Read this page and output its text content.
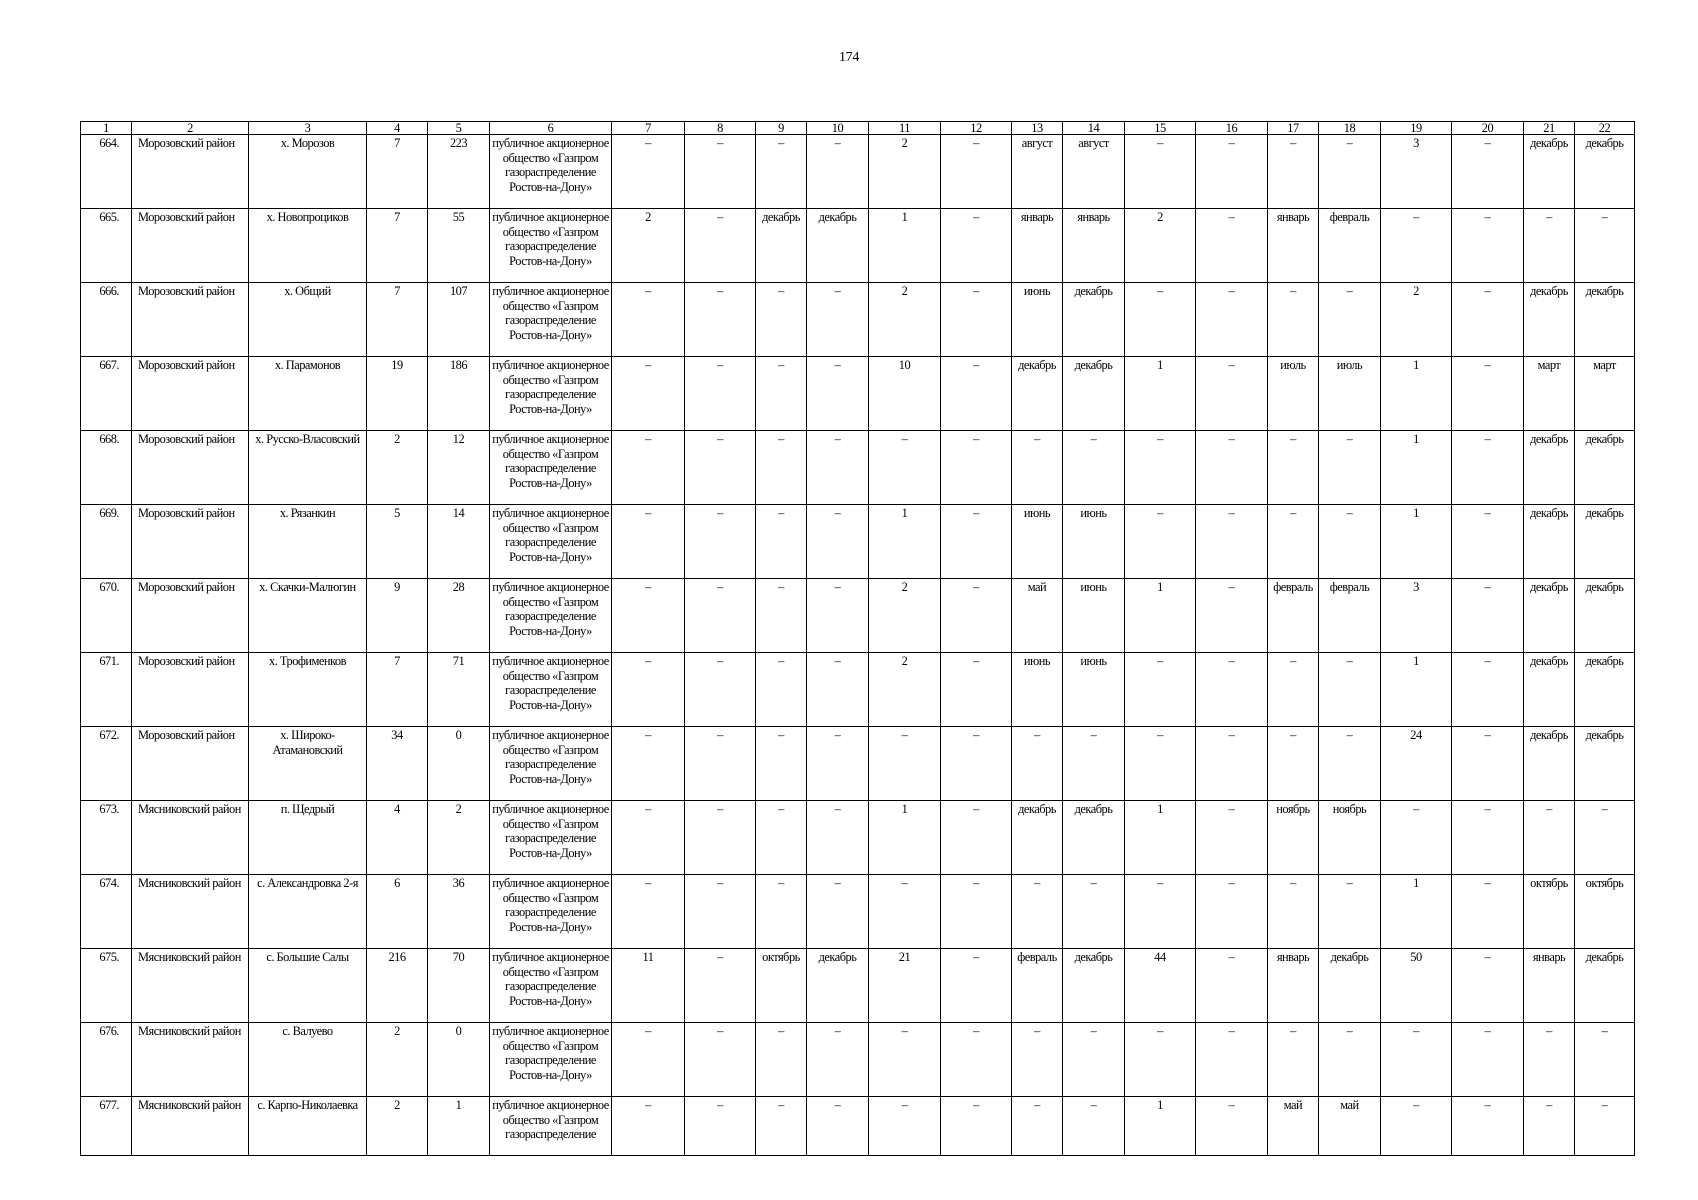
174
1	2	3	4	5	6	7	8	9	10	11	12	13	14	15	16	17	18	19	20	21	22
664.	Морозовский район	х. Морозов	7	223	публичное акционерное общество «Газпром газораспределение Ростов-на-Дону»	–	–	–	–	2	–	август	август	–	–	–	–	3	–	декабрь	декабрь
665.	Морозовский район	х. Новопроциков	7	55	публичное акционерное общество «Газпром газораспределение Ростов-на-Дону»	2	–	декабрь	декабрь	1	–	январь	январь	2	–	январь	февраль	–	–	–	–
666.	Морозовский район	х. Общий	7	107	публичное акционерное общество «Газпром газораспределение Ростов-на-Дону»	–	–	–	–	2	–	июнь	декабрь	–	–	–	–	2	–	декабрь	декабрь
667.	Морозовский район	х. Парамонов	19	186	публичное акционерное общество «Газпром газораспределение Ростов-на-Дону»	–	–	–	–	10	–	декабрь	декабрь	1	–	июль	июль	1	–	март	март
668.	Морозовский район	х. Русско-Власовский	2	12	публичное акционерное общество «Газпром газораспределение Ростов-на-Дону»	–	–	–	–	–	–	–	–	–	–	–	–	1	–	декабрь	декабрь
669.	Морозовский район	х. Рязанкин	5	14	публичное акционерное общество «Газпром газораспределение Ростов-на-Дону»	–	–	–	–	1	–	июнь	июнь	–	–	–	–	1	–	декабрь	декабрь
670.	Морозовский район	х. Скачки-Малюгин	9	28	публичное акционерное общество «Газпром газораспределение Ростов-на-Дону»	–	–	–	–	2	–	май	июнь	1	–	февраль	февраль	3	–	декабрь	декабрь
671.	Морозовский район	х. Трофименков	7	71	публичное акционерное общество «Газпром газораспределение Ростов-на-Дону»	–	–	–	–	2	–	июнь	июнь	–	–	–	–	1	–	декабрь	декабрь
672.	Морозовский район	х. Широко-Атамановский	34	0	публичное акционерное общество «Газпром газораспределение Ростов-на-Дону»	–	–	–	–	–	–	–	–	–	–	–	–	24	–	декабрь	декабрь
673.	Мясниковский район	п. Щедрый	4	2	публичное акционерное общество «Газпром газораспределение Ростов-на-Дону»	–	–	–	–	1	–	декабрь	декабрь	1	–	ноябрь	ноябрь	–	–	–	–
674.	Мясниковский район	с. Александровка 2-я	6	36	публичное акционерное общество «Газпром газораспределение Ростов-на-Дону»	–	–	–	–	–	–	–	–	–	–	–	–	1	–	октябрь	октябрь
675.	Мясниковский район	с. Большие Салы	216	70	публичное акционерное общество «Газпром газораспределение Ростов-на-Дону»	11	–	октябрь	декабрь	21	–	февраль	декабрь	44	–	январь	декабрь	50	–	январь	декабрь
676.	Мясниковский район	с. Валуево	2	0	публичное акционерное общество «Газпром газораспределение Ростов-на-Дону»	–	–	–	–	–	–	–	–	–	–	–	–	–	–	–	–
677.	Мясниковский район	с. Карпо-Николаевка	2	1	публичное акционерное общество «Газпром газораспределение	–	–	–	–	–	–	–	–	1	–	май	май	–	–	–	–
